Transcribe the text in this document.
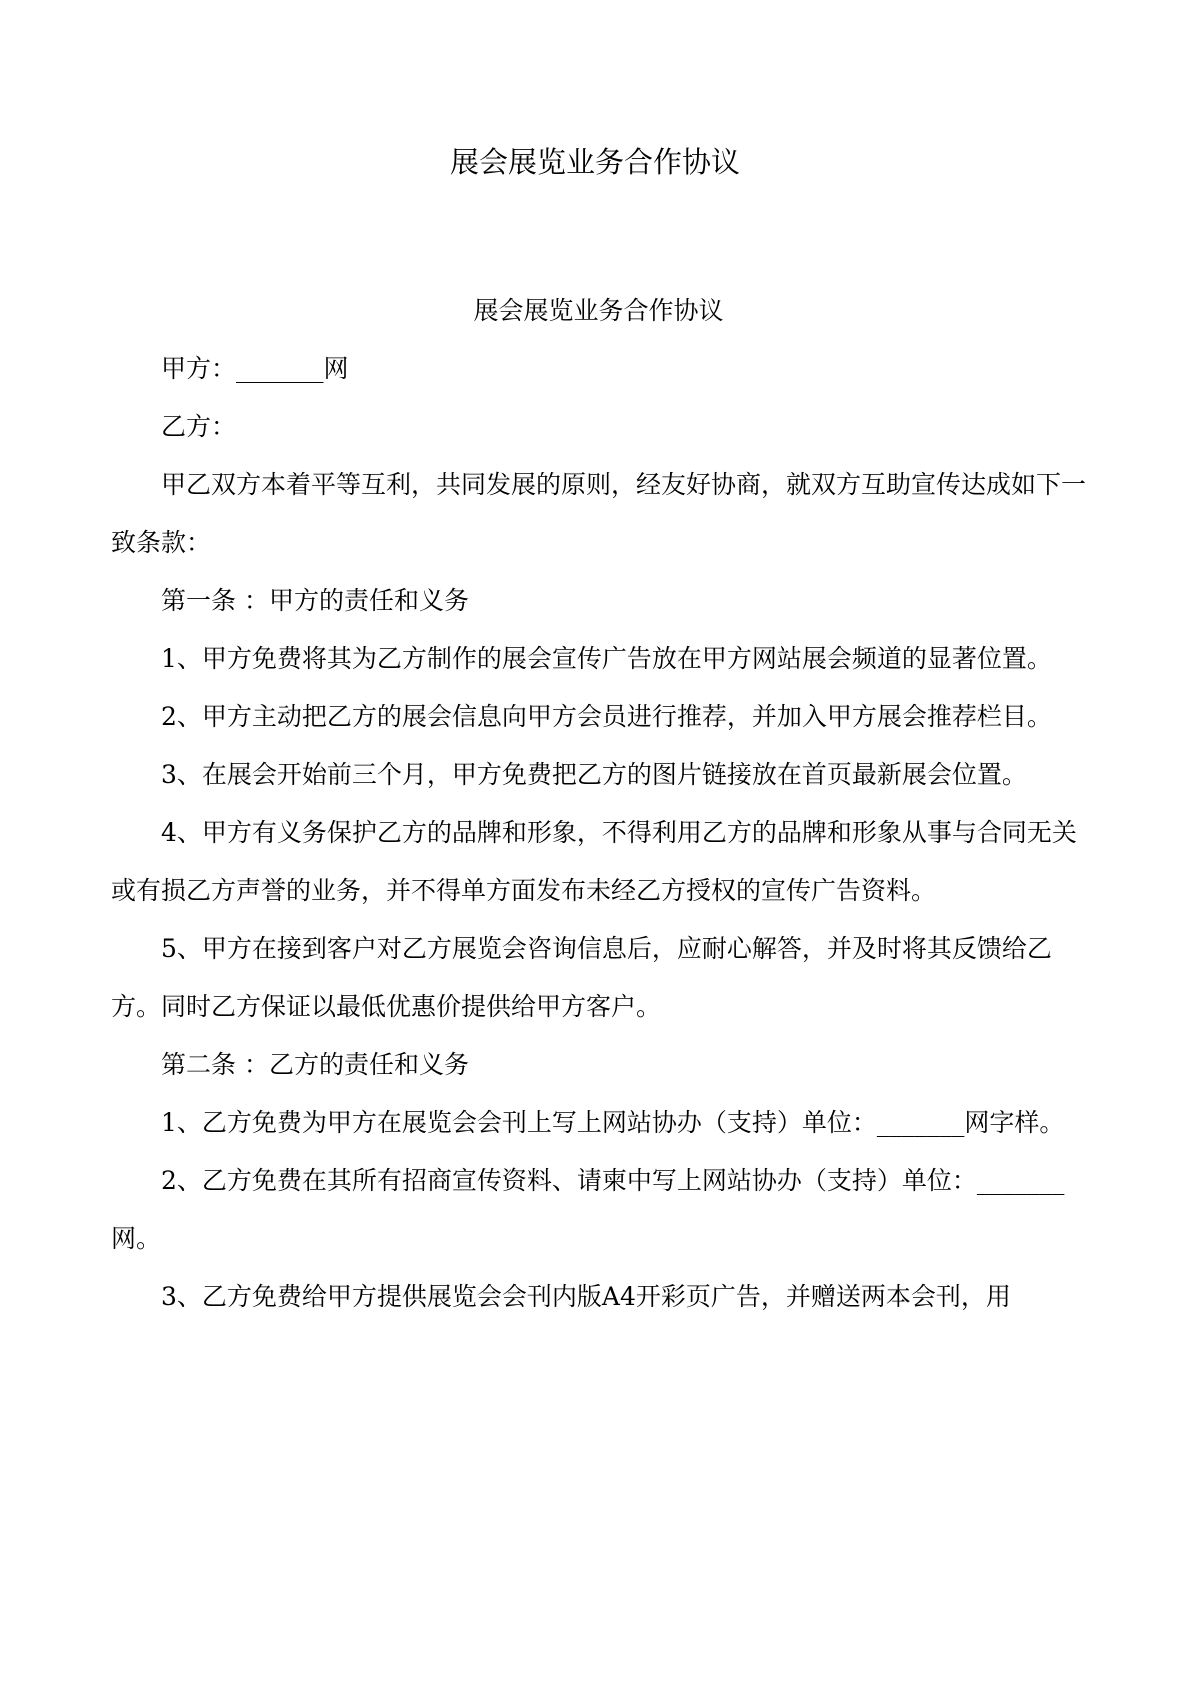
展会展览业务合作协议

展会展览业务合作协议

甲方：_______网

乙方：

甲乙双方本着平等互利，共同发展的原则，经友好协商，就双方互助宣传达成如下一致条款：

第一条 ：甲方的责任和义务

1、甲方免费将其为乙方制作的展会宣传广告放在甲方网站展会频道的显著位置。

2、甲方主动把乙方的展会信息向甲方会员进行推荐，并加入甲方展会推荐栏目。

3、在展会开始前三个月，甲方免费把乙方的图片链接放在首页最新展会位置。

4、甲方有义务保护乙方的品牌和形象，不得利用乙方的品牌和形象从事与合同无关或有损乙方声誉的业务，并不得单方面发布未经乙方授权的宣传广告资料。

5、甲方在接到客户对乙方展览会咨询信息后，应耐心解答，并及时将其反馈给乙方。同时乙方保证以最低优惠价提供给甲方客户。

第二条 ：乙方的责任和义务

1、乙方免费为甲方在展览会会刊上写上网站协办（支持）单位：_______网字样。

2、乙方免费在其所有招商宣传资料、请柬中写上网站协办（支持）单位：_______网。

3、乙方免费给甲方提供展览会会刊内版A4开彩页广告，并赠送两本会刊，用
